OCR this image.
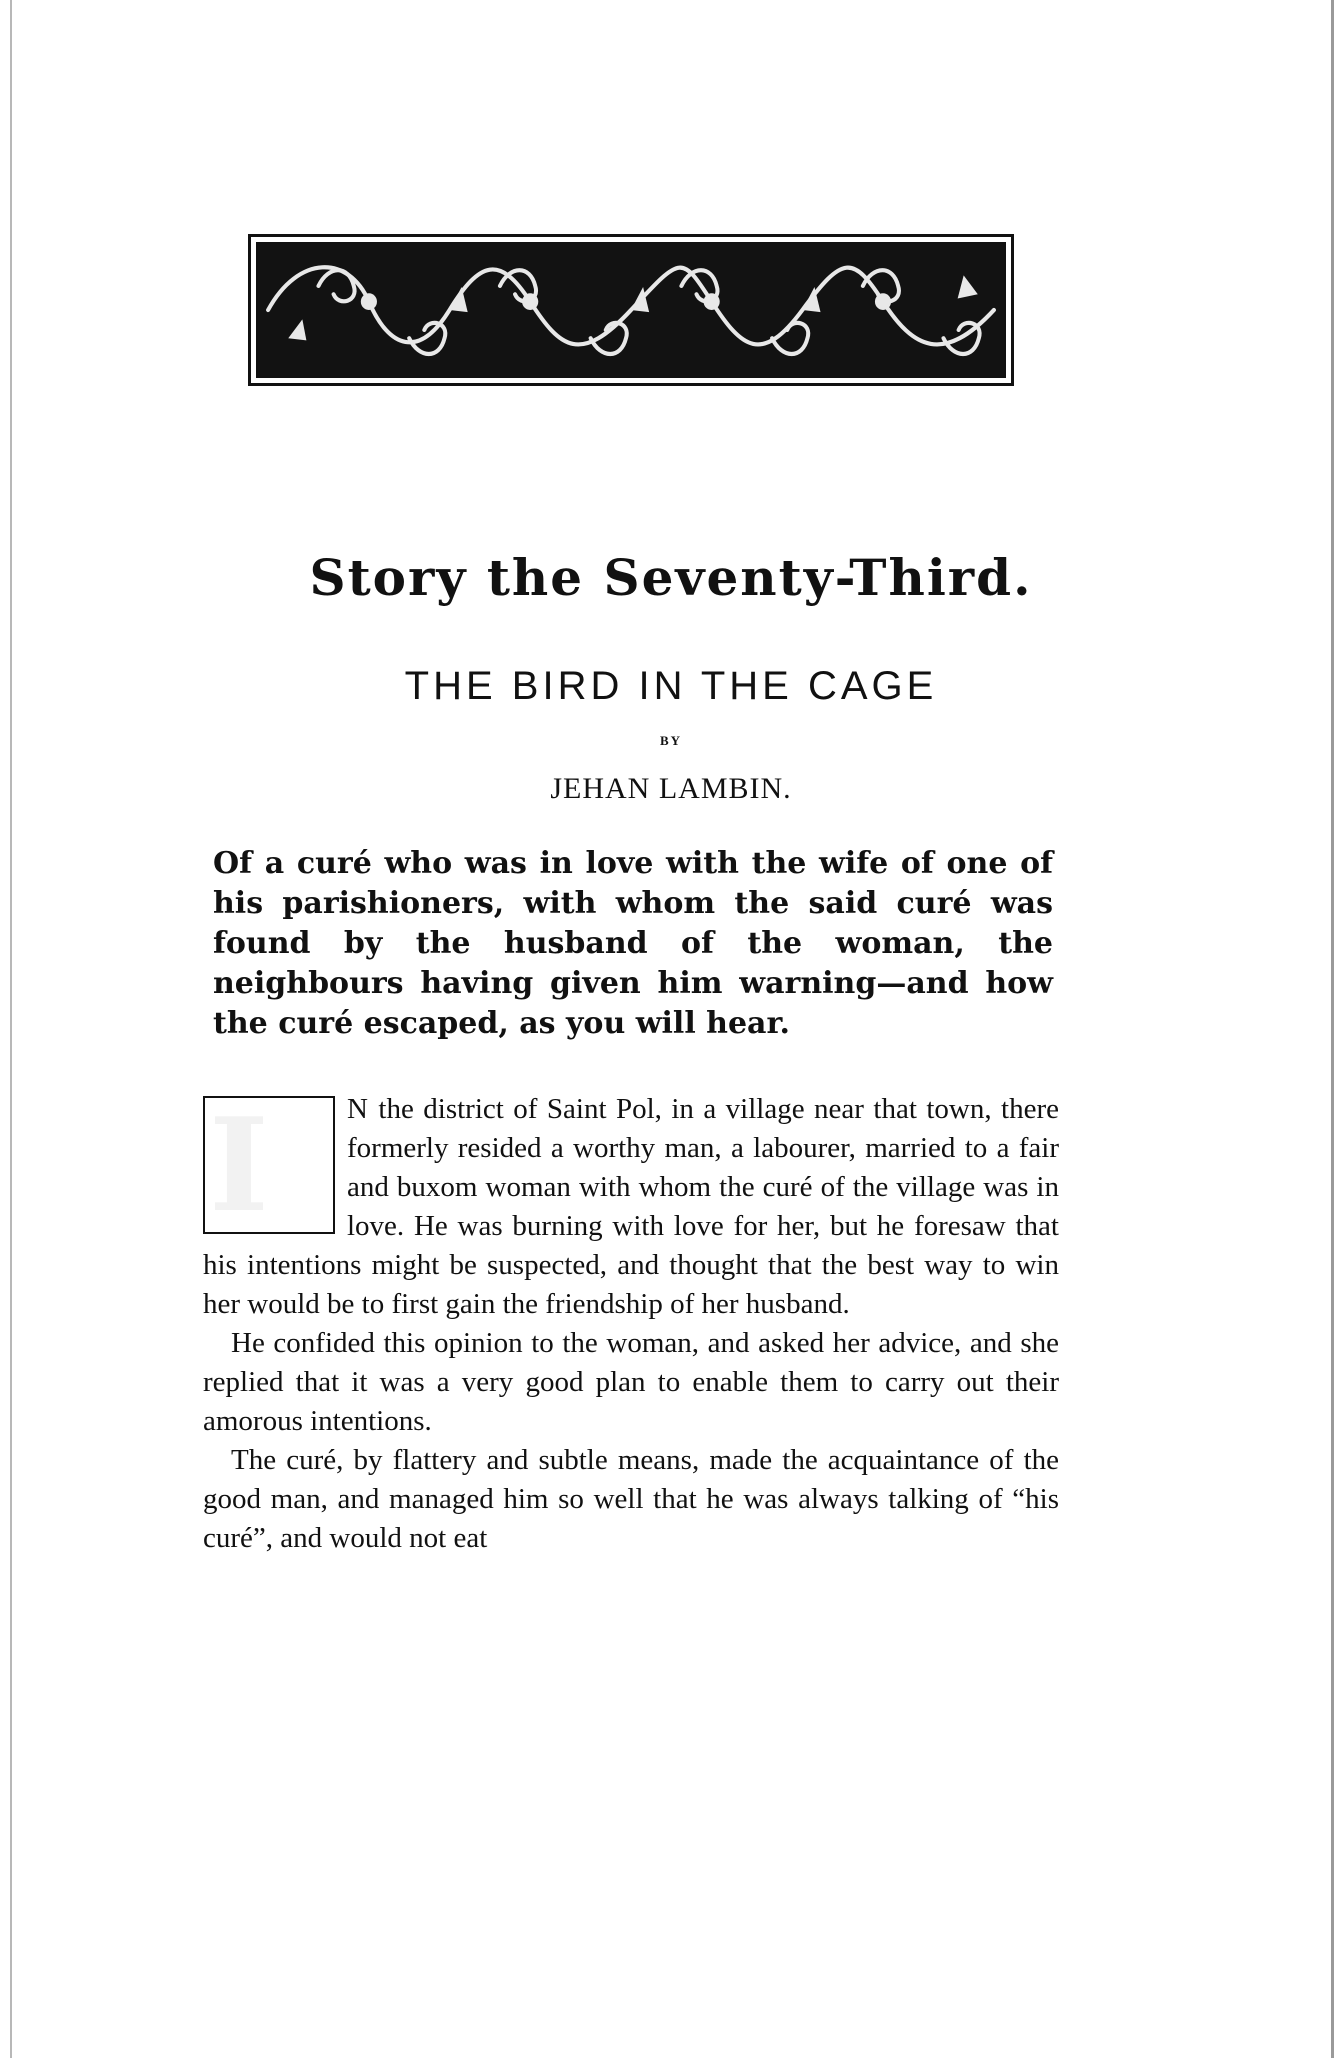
Story the Seventy-Third.
THE BIRD IN THE CAGE
BY
JEHAN LAMBIN.
Of a curé who was in love with the wife of one of his parishioners, with whom the said curé was found by the husband of the woman, the neighbours having given him warning—and how the curé escaped, as you will hear.

N the district of Saint Pol, in a village near that town, there formerly resided a worthy man, a labourer, married to a fair and buxom woman with whom the curé of the village was in love. He was burning with love for her, but he foresaw that his intentions might be suspected, and thought that the best way to win her would be to first gain the friendship of her husband.

He confided this opinion to the woman, and asked her advice, and she replied that it was a very good plan to enable them to carry out their amorous intentions.

The curé, by flattery and subtle means, made the acquaintance of the good man, and managed him so well that he was always talking of “his curé”, and would not eat
